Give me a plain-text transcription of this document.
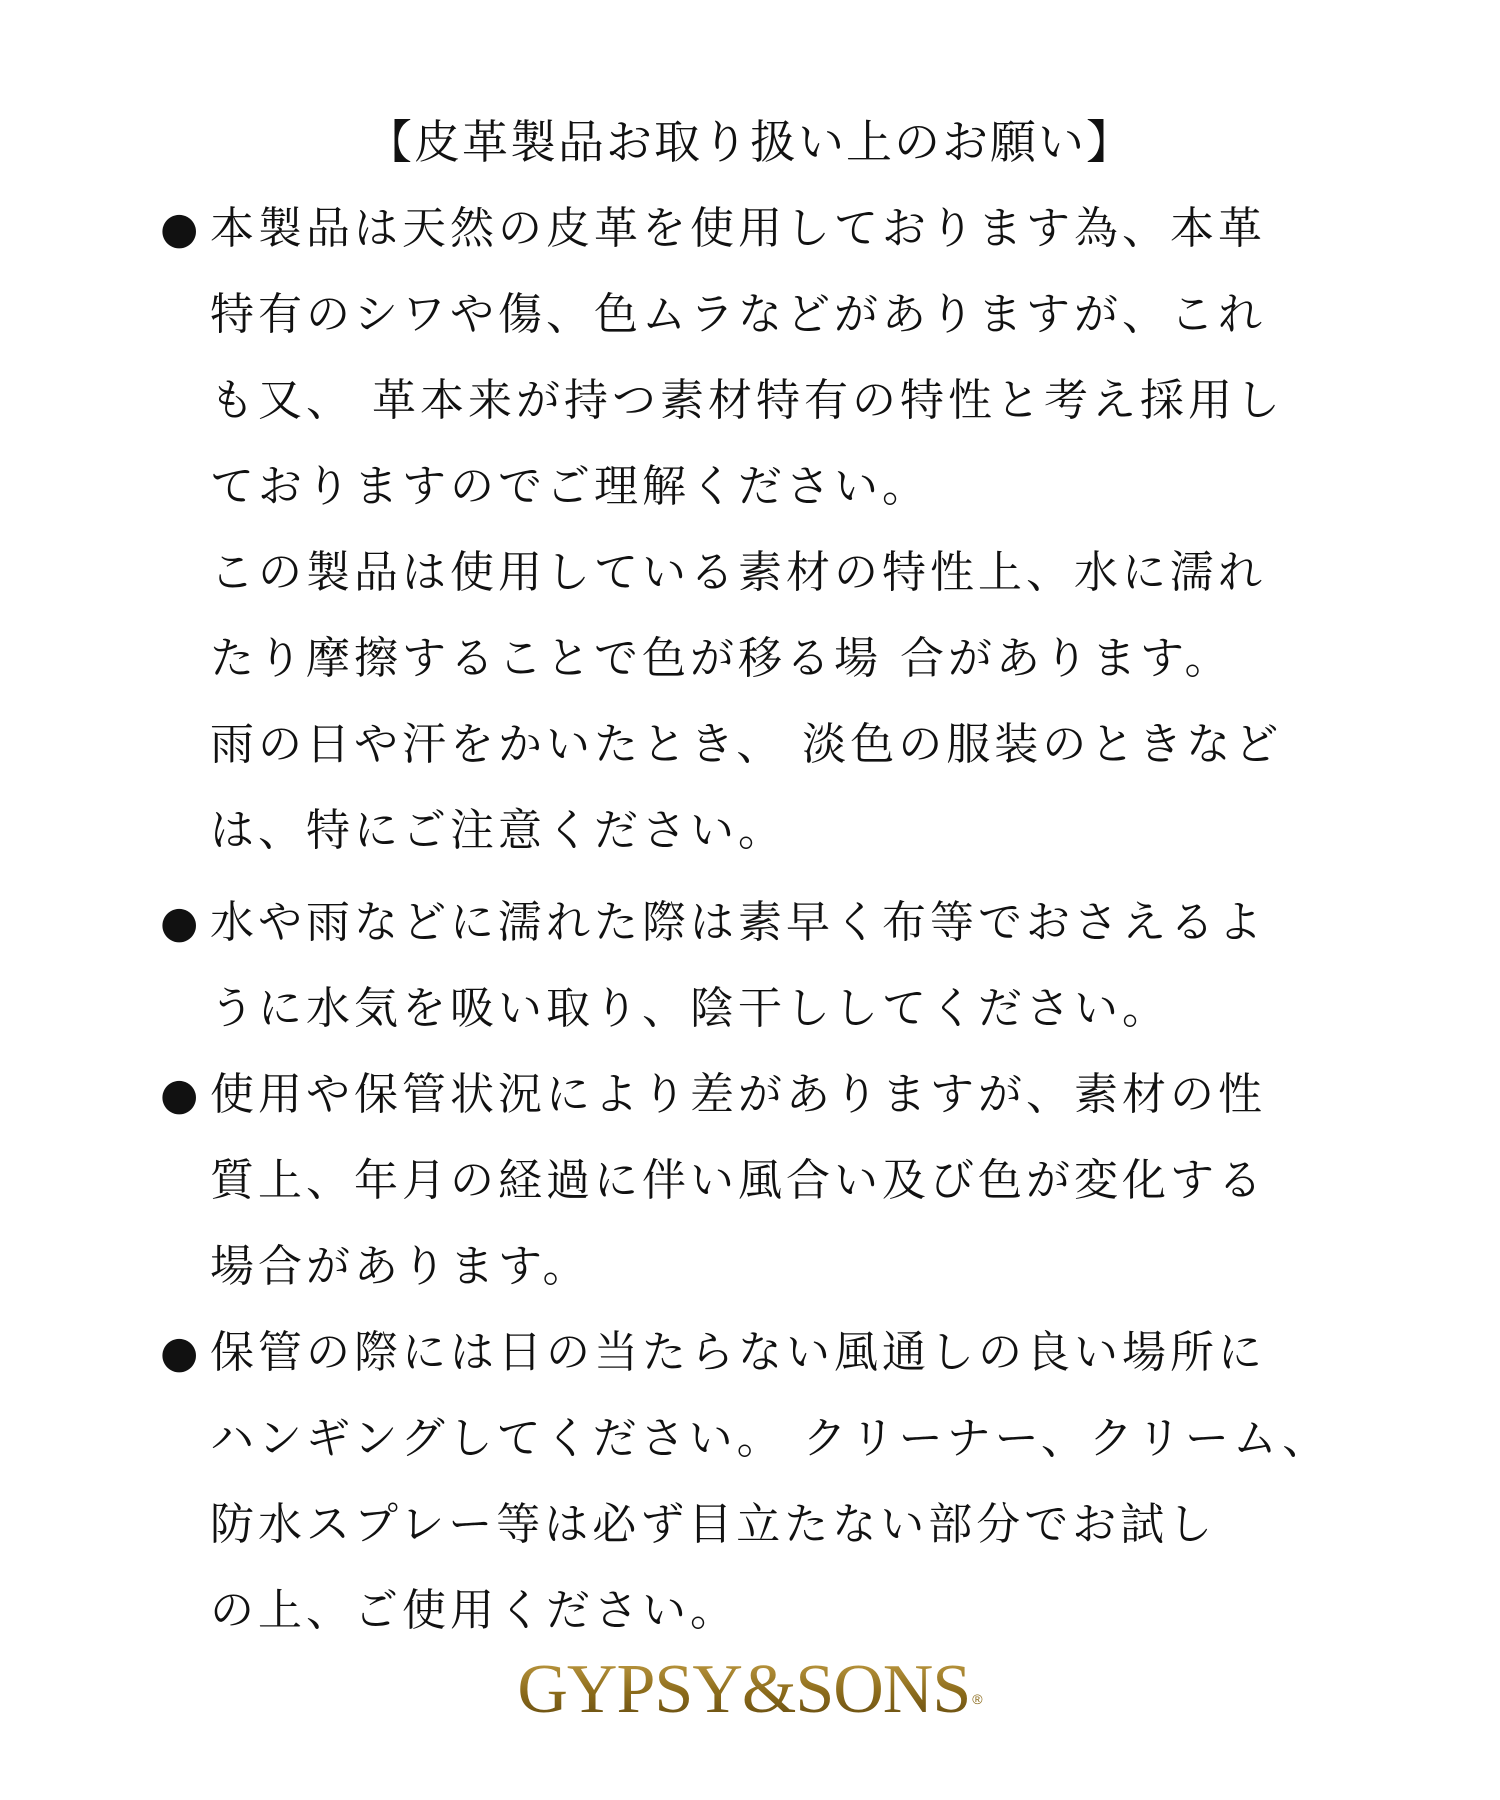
【皮革製品お取り扱い上のお願い】
● 本製品は天然の皮革を使用しております為、本革
特有のシワや傷、色ムラなどがありますが、これ
も又、 革本来が持つ素材特有の特性と考え採用し
ておりますのでご理解ください。
この製品は使用している素材の特性上、水に濡れ
たり摩擦することで色が移る場 合があります。
雨の日や汗をかいたとき、 淡色の服装のときなど
は、特にご注意ください。
● 水や雨などに濡れた際は素早く布等でおさえるよ
うに水気を吸い取り、陰干ししてください。
● 使用や保管状況により差がありますが、素材の性
質上、年月の経過に伴い風合い及び色が変化する
場合があります。
● 保管の際には日の当たらない風通しの良い場所に
ハンギングしてください。 クリーナー、クリーム、
防水スプレー等は必ず目立たない部分でお試し
の上、ご使用ください。
GYPSY&SONS ®
